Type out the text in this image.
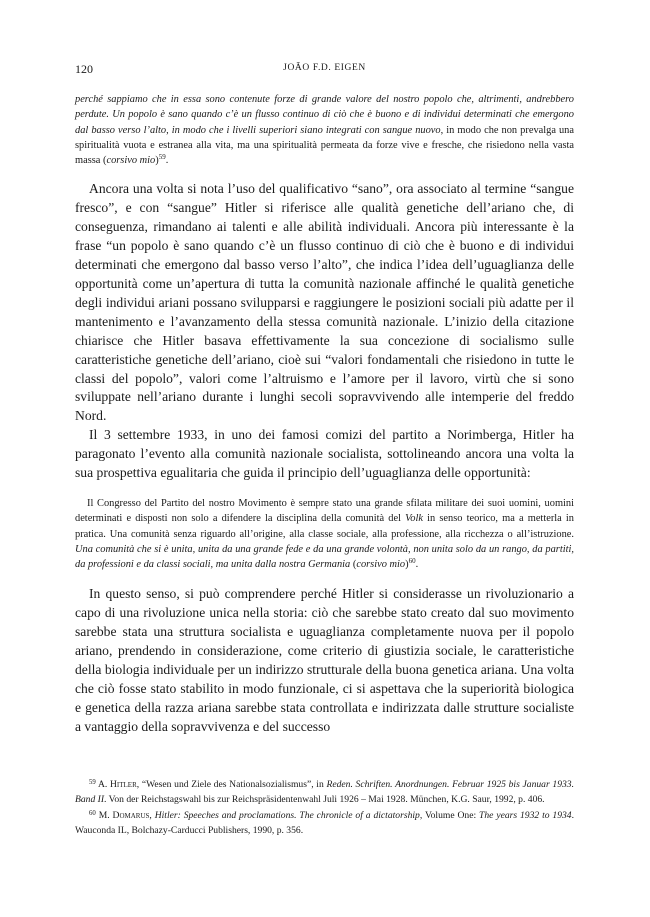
120	JOÃO F.D. EIGEN

perché sappiamo che in essa sono contenute forze di grande valore del nostro popolo che, altrimenti, andrebbero perdute. Un popolo è sano quando c’è un flusso continuo di ciò che è buono e di individui determinati che emergono dal basso verso l’alto, in modo che i livelli superiori siano integrati con sangue nuovo, in modo che non prevalga una spiritualità vuota e estranea alla vita, ma una spiritualità permeata da forze vive e fresche, che risiedono nella vasta massa (corsivo mio)$^{59}$.

Ancora una volta si nota l’uso del qualificativo “sano”, ora associato al termine “sangue fresco”, e con “sangue” Hitler si riferisce alle qualità genetiche dell’ariano che, di conseguenza, rimandano ai talenti e alle abilità individuali. Ancora più interessante è la frase “un popolo è sano quando c’è un flusso continuo di ciò che è buono e di individui determinati che emergono dal basso verso l’alto”, che indica l’idea dell’uguaglianza delle opportunità come un’apertura di tutta la comunità nazionale affinché le qualità genetiche degli individui ariani possano svilupparsi e raggiungere le posizioni sociali più adatte per il mantenimento e l’avanzamento della stessa comunità nazionale. L’inizio della citazione chiarisce che Hitler basava effettivamente la sua concezione di socialismo sulle caratteristiche genetiche dell’ariano, cioè sui “valori fondamentali che risiedono in tutte le classi del popolo”, valori come l’altruismo e l’amore per il lavoro, virtù che si sono sviluppate nell’ariano durante i lunghi secoli sopravvivendo alle intemperie del freddo Nord.

Il 3 settembre 1933, in uno dei famosi comizi del partito a Norimberga, Hitler ha paragonato l’evento alla comunità nazionale socialista, sottolineando ancora una volta la sua prospettiva egualitaria che guida il principio dell’uguaglianza delle opportunità:

Il Congresso del Partito del nostro Movimento è sempre stato una grande sfilata militare dei suoi uomini, uomini determinati e disposti non solo a difendere la disciplina della comunità del Volk in senso teorico, ma a metterla in pratica. Una comunità senza riguardo all’origine, alla classe sociale, alla professione, alla ricchezza o all’istruzione. Una comunità che si è unita, unita da una grande fede e da una grande volontà, non unita solo da un rango, da partiti, da professioni e da classi sociali, ma unita dalla nostra Germania (corsivo mio)$^{60}$.

In questo senso, si può comprendere perché Hitler si considerasse un rivoluzionario a capo di una rivoluzione unica nella storia: ciò che sarebbe stato creato dal suo movimento sarebbe stata una struttura socialista e uguaglianza completamente nuova per il popolo ariano, prendendo in considerazione, come criterio di giustizia sociale, le caratteristiche della biologia individuale per un indirizzo strutturale della buona genetica ariana. Una volta che ciò fosse stato stabilito in modo funzionale, ci si aspettava che la superiorità biologica e genetica della razza ariana sarebbe stata controllata e indirizzata dalle strutture socialiste a vantaggio della sopravvivenza e del successo

$^{59}$ A. Hitler, “Wesen und Ziele des Nationalsozialismus”, in Reden. Schriften. Anordnungen. Februar 1925 bis Januar 1933. Band II. Von der Reichstagswahl bis zur Reichspräsidentenwahl Juli 1926 – Mai 1928. München, K.G. Saur, 1992, p. 406.

$^{60}$ M. Domarus, Hitler: Speeches and proclamations. The chronicle of a dictatorship, Volume One: The years 1932 to 1934. Wauconda IL, Bolchazy-Carducci Publishers, 1990, p. 356.
